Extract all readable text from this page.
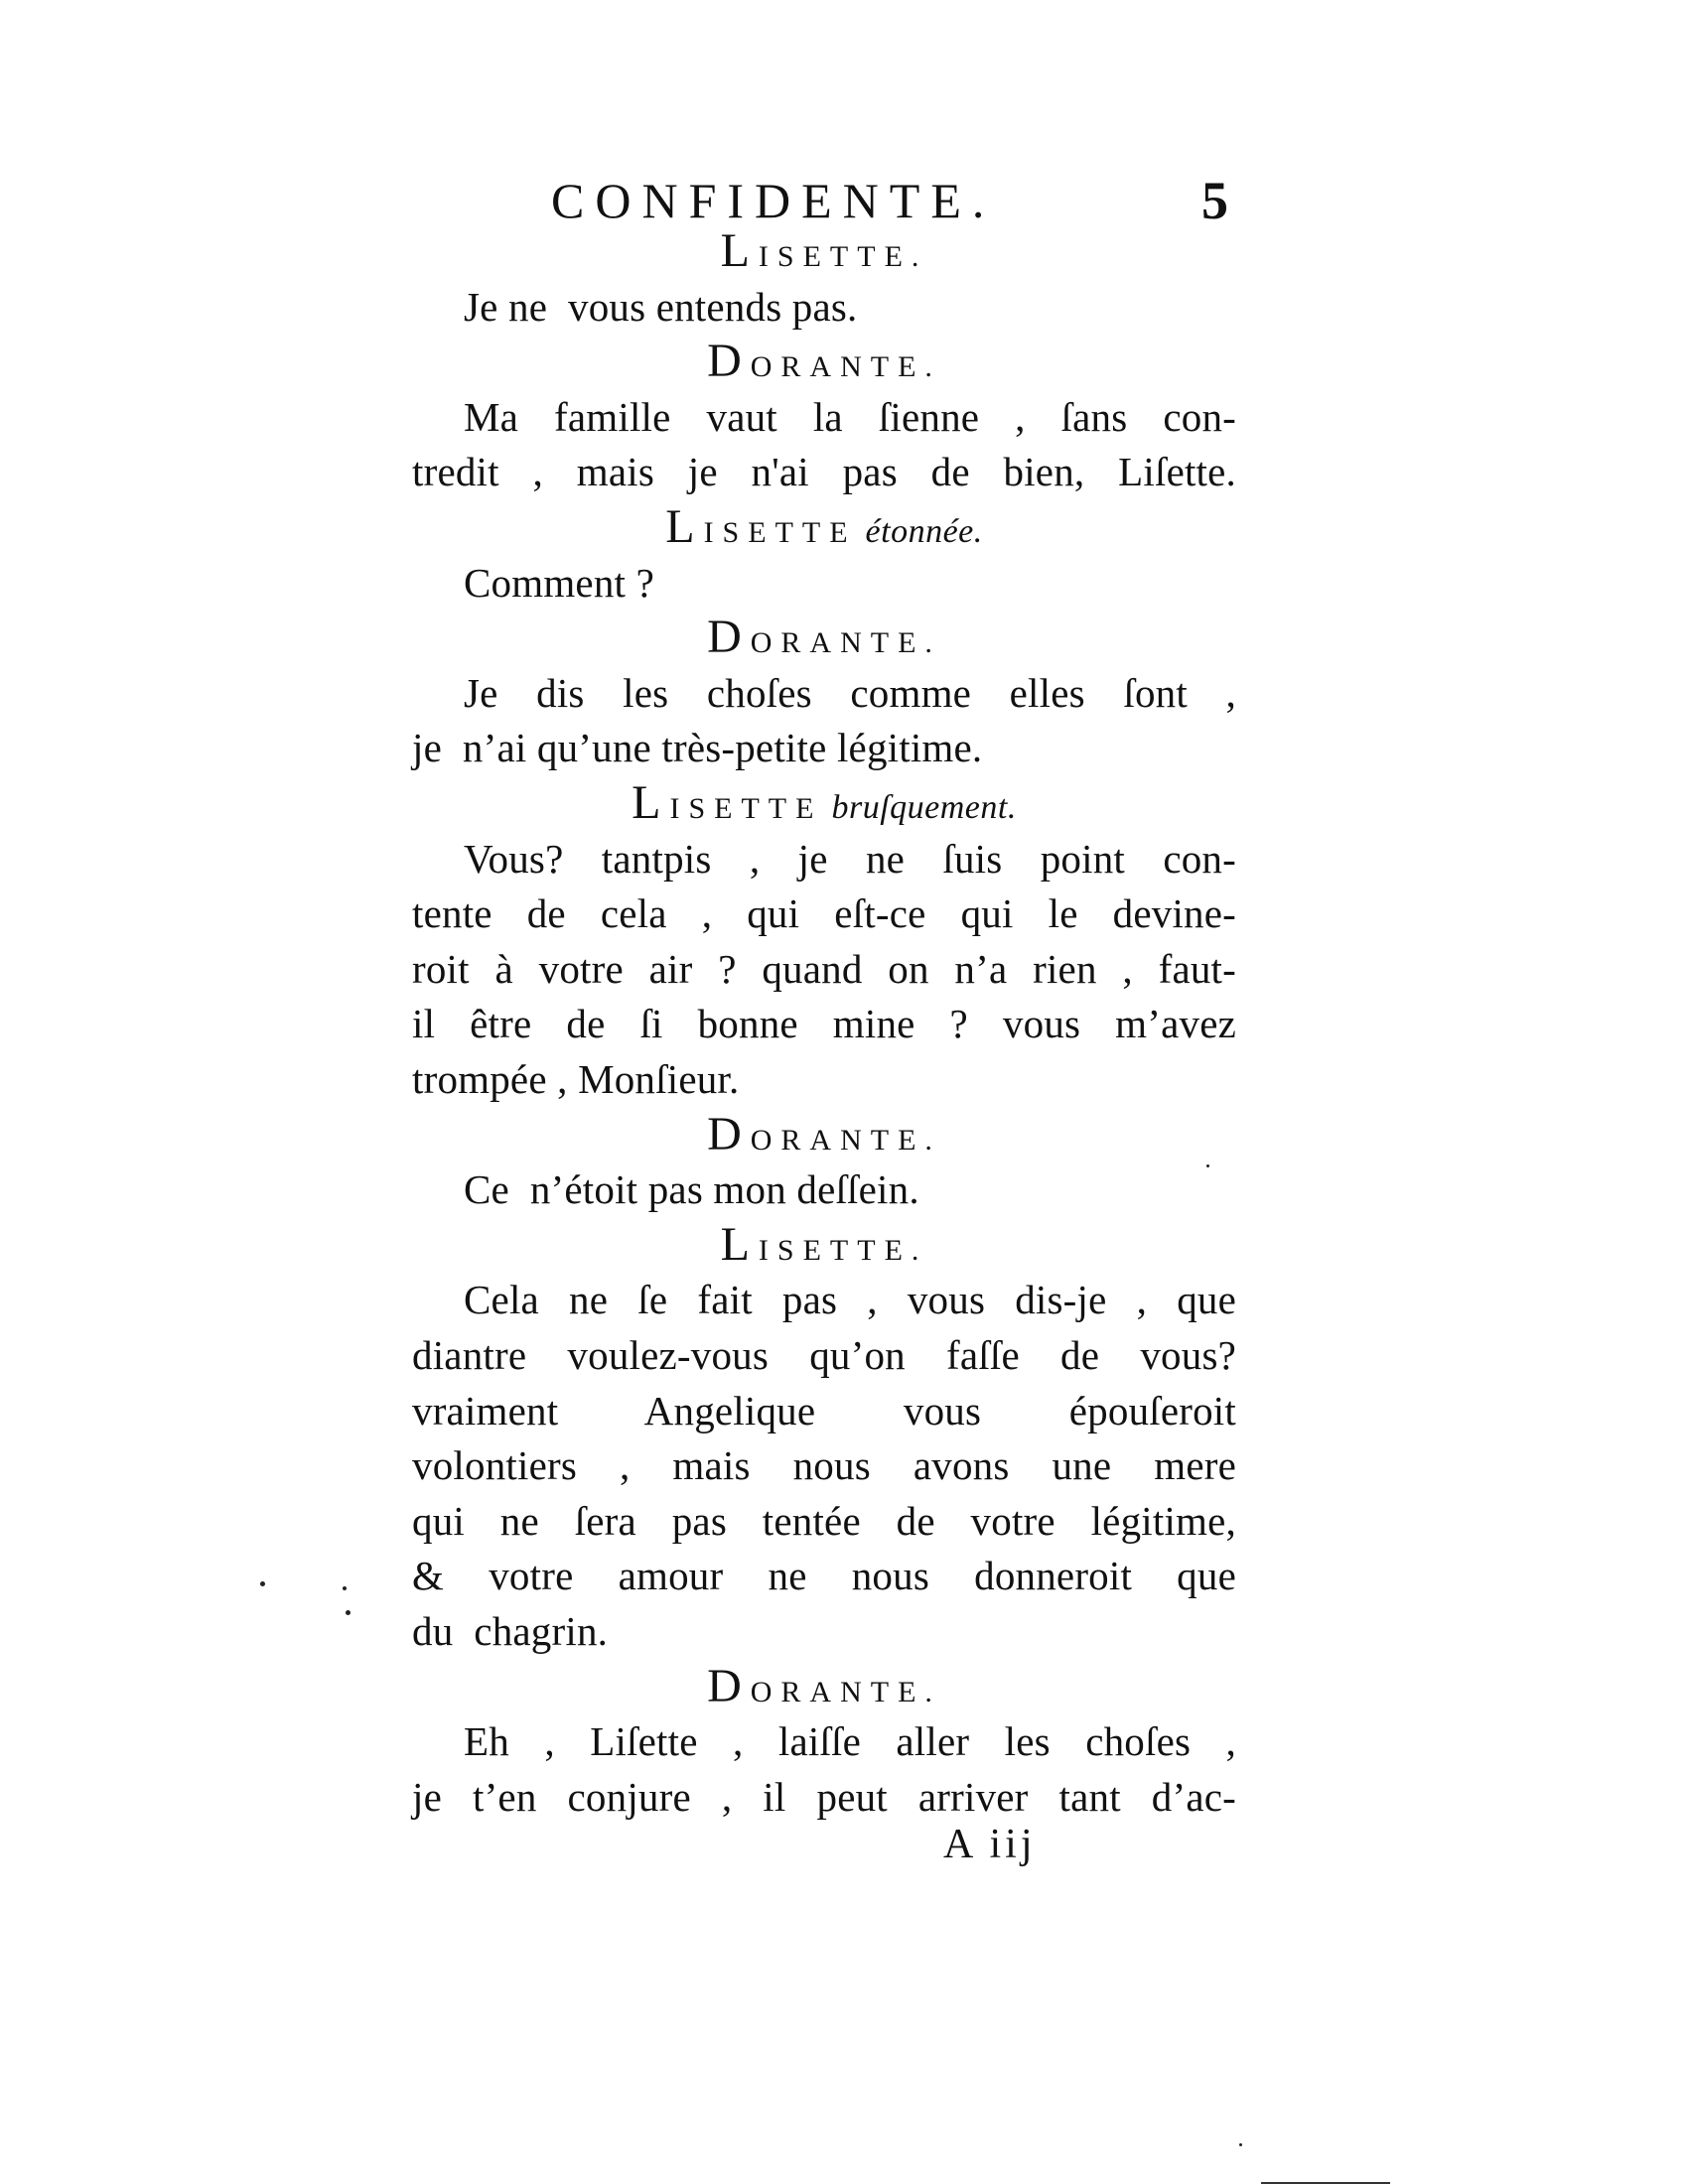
CONFIDENTE.	5
LISETTE.
Je ne  vous entends pas.
DORANTE.
Ma famille vaut la ſienne , ſans con-
tredit , mais je n'ai pas de bien, Liſette.
LISETTE étonnée.
Comment ?
DORANTE.
Je dis les choſes comme elles ſont ,
je  n’ai qu’une très-petite légitime.
LISETTE bruſquement.
Vous? tantpis , je ne ſuis point con-
tente de cela , qui eſt-ce qui le devine-
roit à votre air ? quand on n’a rien , faut-
il être de ſi bonne mine ? vous m’avez
trompée , Monſieur.
DORANTE.
Ce  n’étoit pas mon deſſein.
LISETTE.
Cela ne ſe fait pas , vous dis-je , que
diantre voulez-vous qu’on faſſe de vous?
vraiment Angelique vous épouſeroit
volontiers , mais nous avons une mere
qui ne ſera pas tentée de votre légitime,
& votre amour ne nous donneroit que
du  chagrin.
DORANTE.
Eh , Liſette , laiſſe aller les choſes ,
je t’en conjure , il peut arriver tant d’ac-
A iij
